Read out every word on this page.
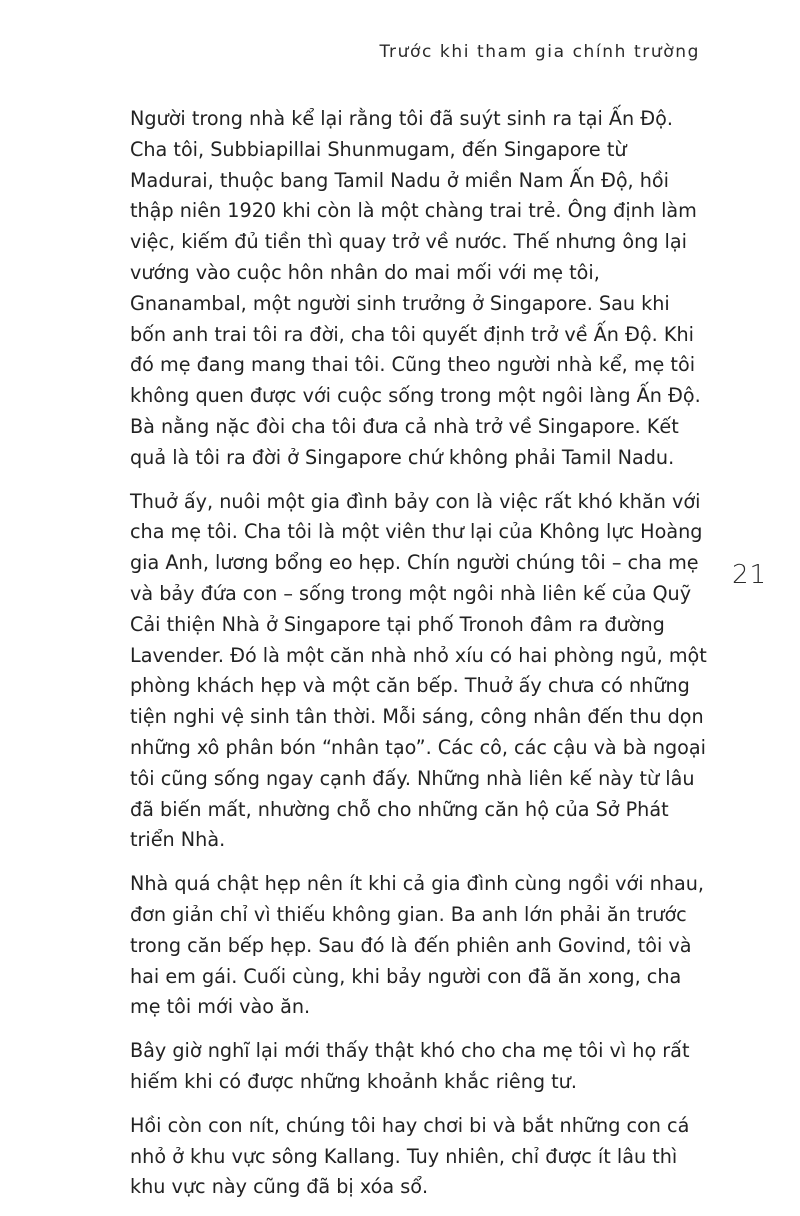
Trước khi tham gia chính trường
21

Người trong nhà kể lại rằng tôi đã suýt sinh ra tại Ấn Độ. Cha tôi, Subbiapillai Shunmugam, đến Singapore từ Madurai, thuộc bang Tamil Nadu ở miền Nam Ấn Độ, hồi thập niên 1920 khi còn là một chàng trai trẻ. Ông định làm việc, kiếm đủ tiền thì quay trở về nước. Thế nhưng ông lại vướng vào cuộc hôn nhân do mai mối với mẹ tôi, Gnanambal, một người sinh trưởng ở Singapore. Sau khi bốn anh trai tôi ra đời, cha tôi quyết định trở về Ấn Độ. Khi đó mẹ đang mang thai tôi. Cũng theo người nhà kể, mẹ tôi không quen được với cuộc sống trong một ngôi làng Ấn Độ. Bà nằng nặc đòi cha tôi đưa cả nhà trở về Singapore. Kết quả là tôi ra đời ở Singapore chứ không phải Tamil Nadu.

Thuở ấy, nuôi một gia đình bảy con là việc rất khó khăn với cha mẹ tôi. Cha tôi là một viên thư lại của Không lực Hoàng gia Anh, lương bổng eo hẹp. Chín người chúng tôi – cha mẹ và bảy đứa con – sống trong một ngôi nhà liên kế của Quỹ Cải thiện Nhà ở Singapore tại phố Tronoh đâm ra đường Lavender. Đó là một căn nhà nhỏ xíu có hai phòng ngủ, một phòng khách hẹp và một căn bếp. Thuở ấy chưa có những tiện nghi vệ sinh tân thời. Mỗi sáng, công nhân đến thu dọn những xô phân bón “nhân tạo”. Các cô, các cậu và bà ngoại tôi cũng sống ngay cạnh đấy. Những nhà liên kế này từ lâu đã biến mất, nhường chỗ cho những căn hộ của Sở Phát triển Nhà.

Nhà quá chật hẹp nên ít khi cả gia đình cùng ngồi với nhau, đơn giản chỉ vì thiếu không gian. Ba anh lớn phải ăn trước trong căn bếp hẹp. Sau đó là đến phiên anh Govind, tôi và hai em gái. Cuối cùng, khi bảy người con đã ăn xong, cha mẹ tôi mới vào ăn.

Bây giờ nghĩ lại mới thấy thật khó cho cha mẹ tôi vì họ rất hiếm khi có được những khoảnh khắc riêng tư.

Hồi còn con nít, chúng tôi hay chơi bi và bắt những con cá nhỏ ở khu vực sông Kallang. Tuy nhiên, chỉ được ít lâu thì khu vực này cũng đã bị xóa sổ.
